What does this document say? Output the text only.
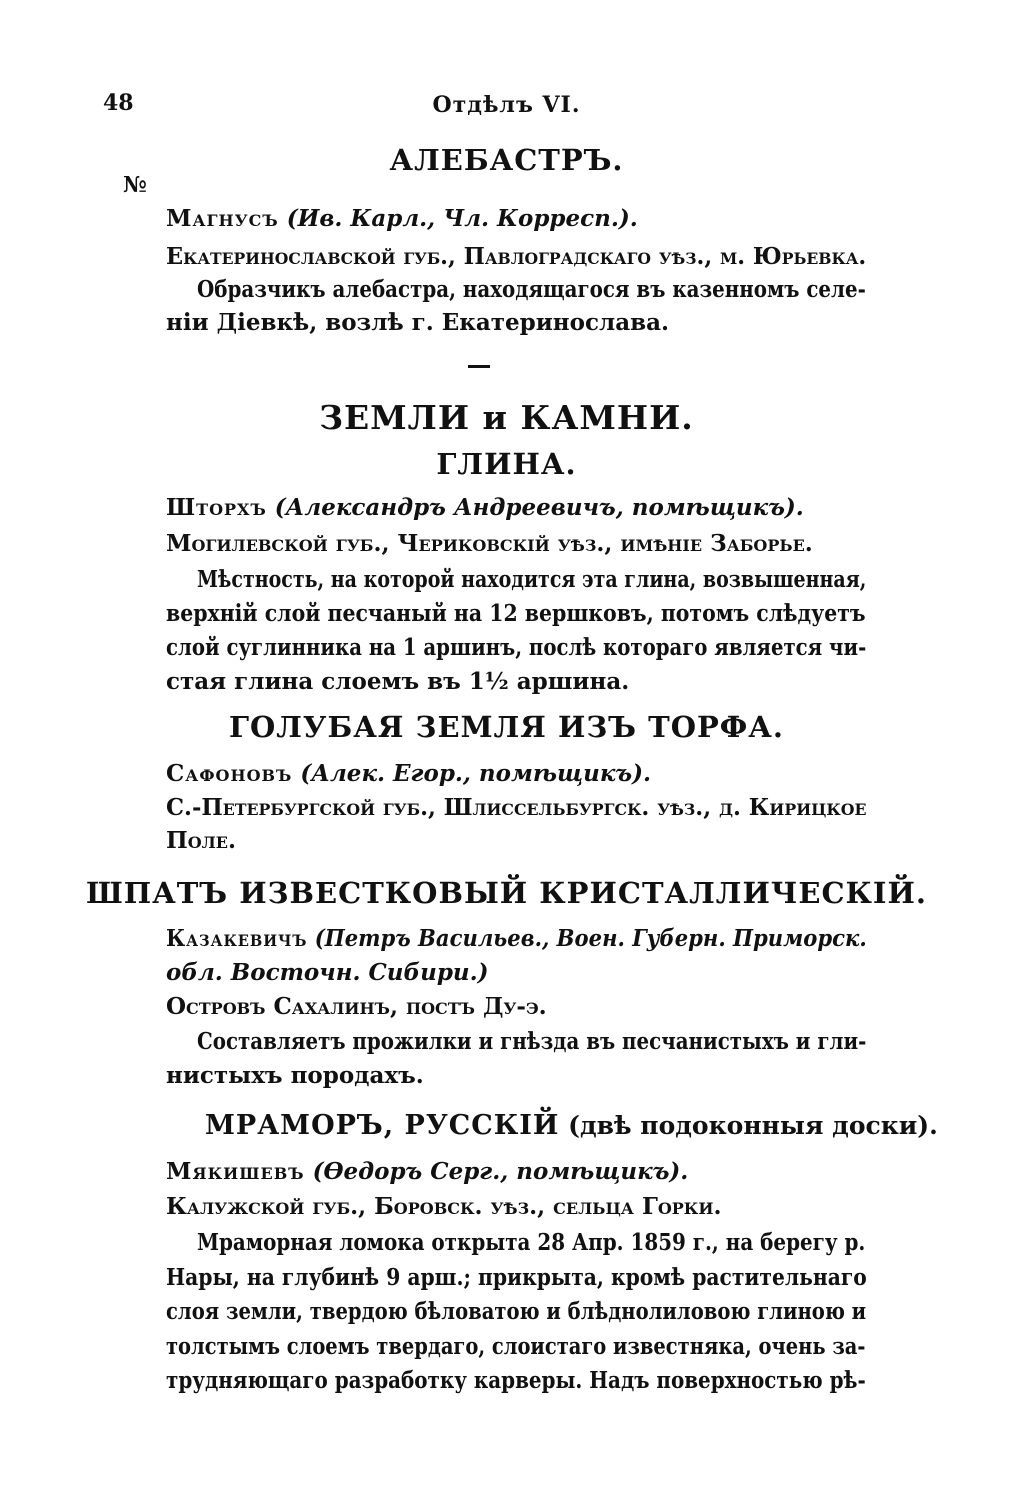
48	Отдѣлъ VI.
АЛЕБАСТРЪ.
№
Магнусъ (Ив. Карл., Чл. Корресп.).
Екатеринославской губ., Павлоградскаго уѣз., м. Юрьевка.
Образчикъ алебастра, находящагося въ казенномъ селе-
ніи Діевкѣ, возлѣ г. Екатеринослава.
ЗЕМЛИ и КАМНИ.
ГЛИНА.
Шторхъ (Александръ Андреевичъ, помѣщикъ).
Могилевской губ., Чериковскій уѣз., имѣніе Заборье.
Мѣстность, на которой находится эта глина, возвышенная,
верхній слой песчаный на 12 вершковъ, потомъ слѣдуетъ
слой суглинника на 1 аршинъ, послѣ котораго является чи-
стая глина слоемъ въ 1½ аршина.
ГОЛУБАЯ ЗЕМЛЯ ИЗЪ ТОРФА.
Сафоновъ (Алек. Егор., помѣщикъ).
С.-Петербургской губ., Шлиссельбургск. уѣз., д. Кирицкое
Поле.
ШПАТЪ ИЗВЕСТКОВЫЙ КРИСТАЛЛИЧЕСКІЙ.
Казакевичъ (Петръ Васильев., Воен. Губерн. Приморск.
обл. Восточн. Сибири.)
Островъ Сахалинъ, постъ Ду-э.
Составляетъ прожилки и гнѣзда въ песчанистыхъ и гли-
нистыхъ породахъ.
МРАМОРЪ, РУССКІЙ (двѣ подоконныя доски).
Мякишевъ (Өедоръ Серг., помѣщикъ).
Калужской губ., Боровск. уѣз., сельца Горки.
Мраморная ломока открыта 28 Апр. 1859 г., на берегу р.
Нары, на глубинѣ 9 арш.; прикрыта, кромѣ растительнаго
слоя земли, твердою бѣловатою и блѣднолиловою глиною и
толстымъ слоемъ твердаго, слоистаго известняка, очень за-
трудняющаго разработку карверы. Надъ поверхностью рѣ-
